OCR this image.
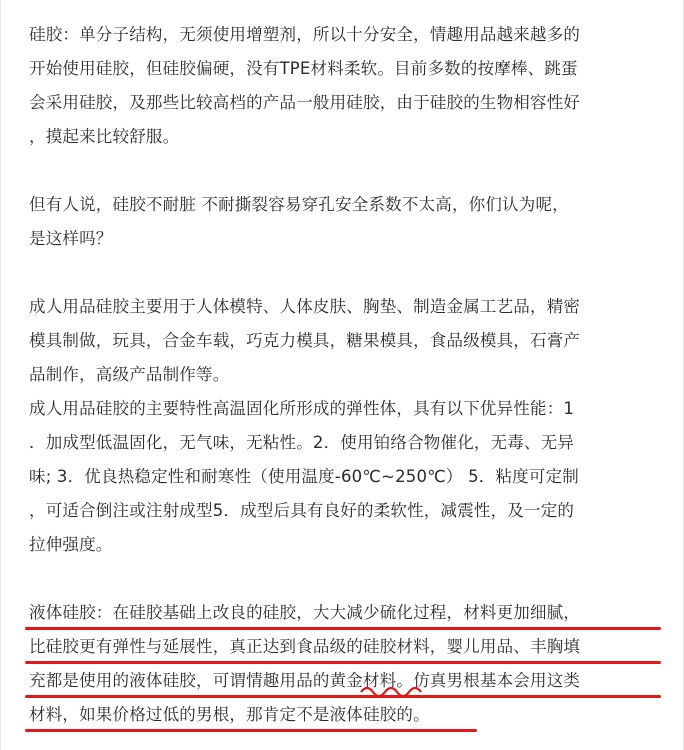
硅胶：单分子结构，无须使用增塑剂，所以十分安全，情趣用品越来越多的
开始使用硅胶，但硅胶偏硬，没有TPE材料柔软。目前多数的按摩棒、跳蛋
会采用硅胶，及那些比较高档的产品一般用硅胶，由于硅胶的生物相容性好
，摸起来比较舒服。

但有人说，硅胶不耐脏 不耐撕裂容易穿孔安全系数不太高，你们认为呢，
是这样吗？

成人用品硅胶主要用于人体模特、人体皮肤、胸垫、制造金属工艺品，精密
模具制做，玩具，合金车载，巧克力模具，糖果模具，食品级模具，石膏产
品制作，高级产品制作等。
成人用品硅胶的主要特性高温固化所形成的弹性体，具有以下优异性能：1
．加成型低温固化，无气味，无粘性。2．使用铂络合物催化，无毒、无异
味; 3．优良热稳定性和耐寒性（使用温度-60℃~250℃） 5．粘度可定制
，可适合倒注或注射成型5．成型后具有良好的柔软性，减震性，及一定的
拉伸强度。

液体硅胶：在硅胶基础上改良的硅胶，大大减少硫化过程，材料更加细腻，
比硅胶更有弹性与延展性，真正达到食品级的硅胶材料，婴儿用品、丰胸填
充都是使用的液体硅胶，可谓情趣用品的黄金材料。仿真男根基本会用这类
材料，如果价格过低的男根，那肯定不是液体硅胶的。
